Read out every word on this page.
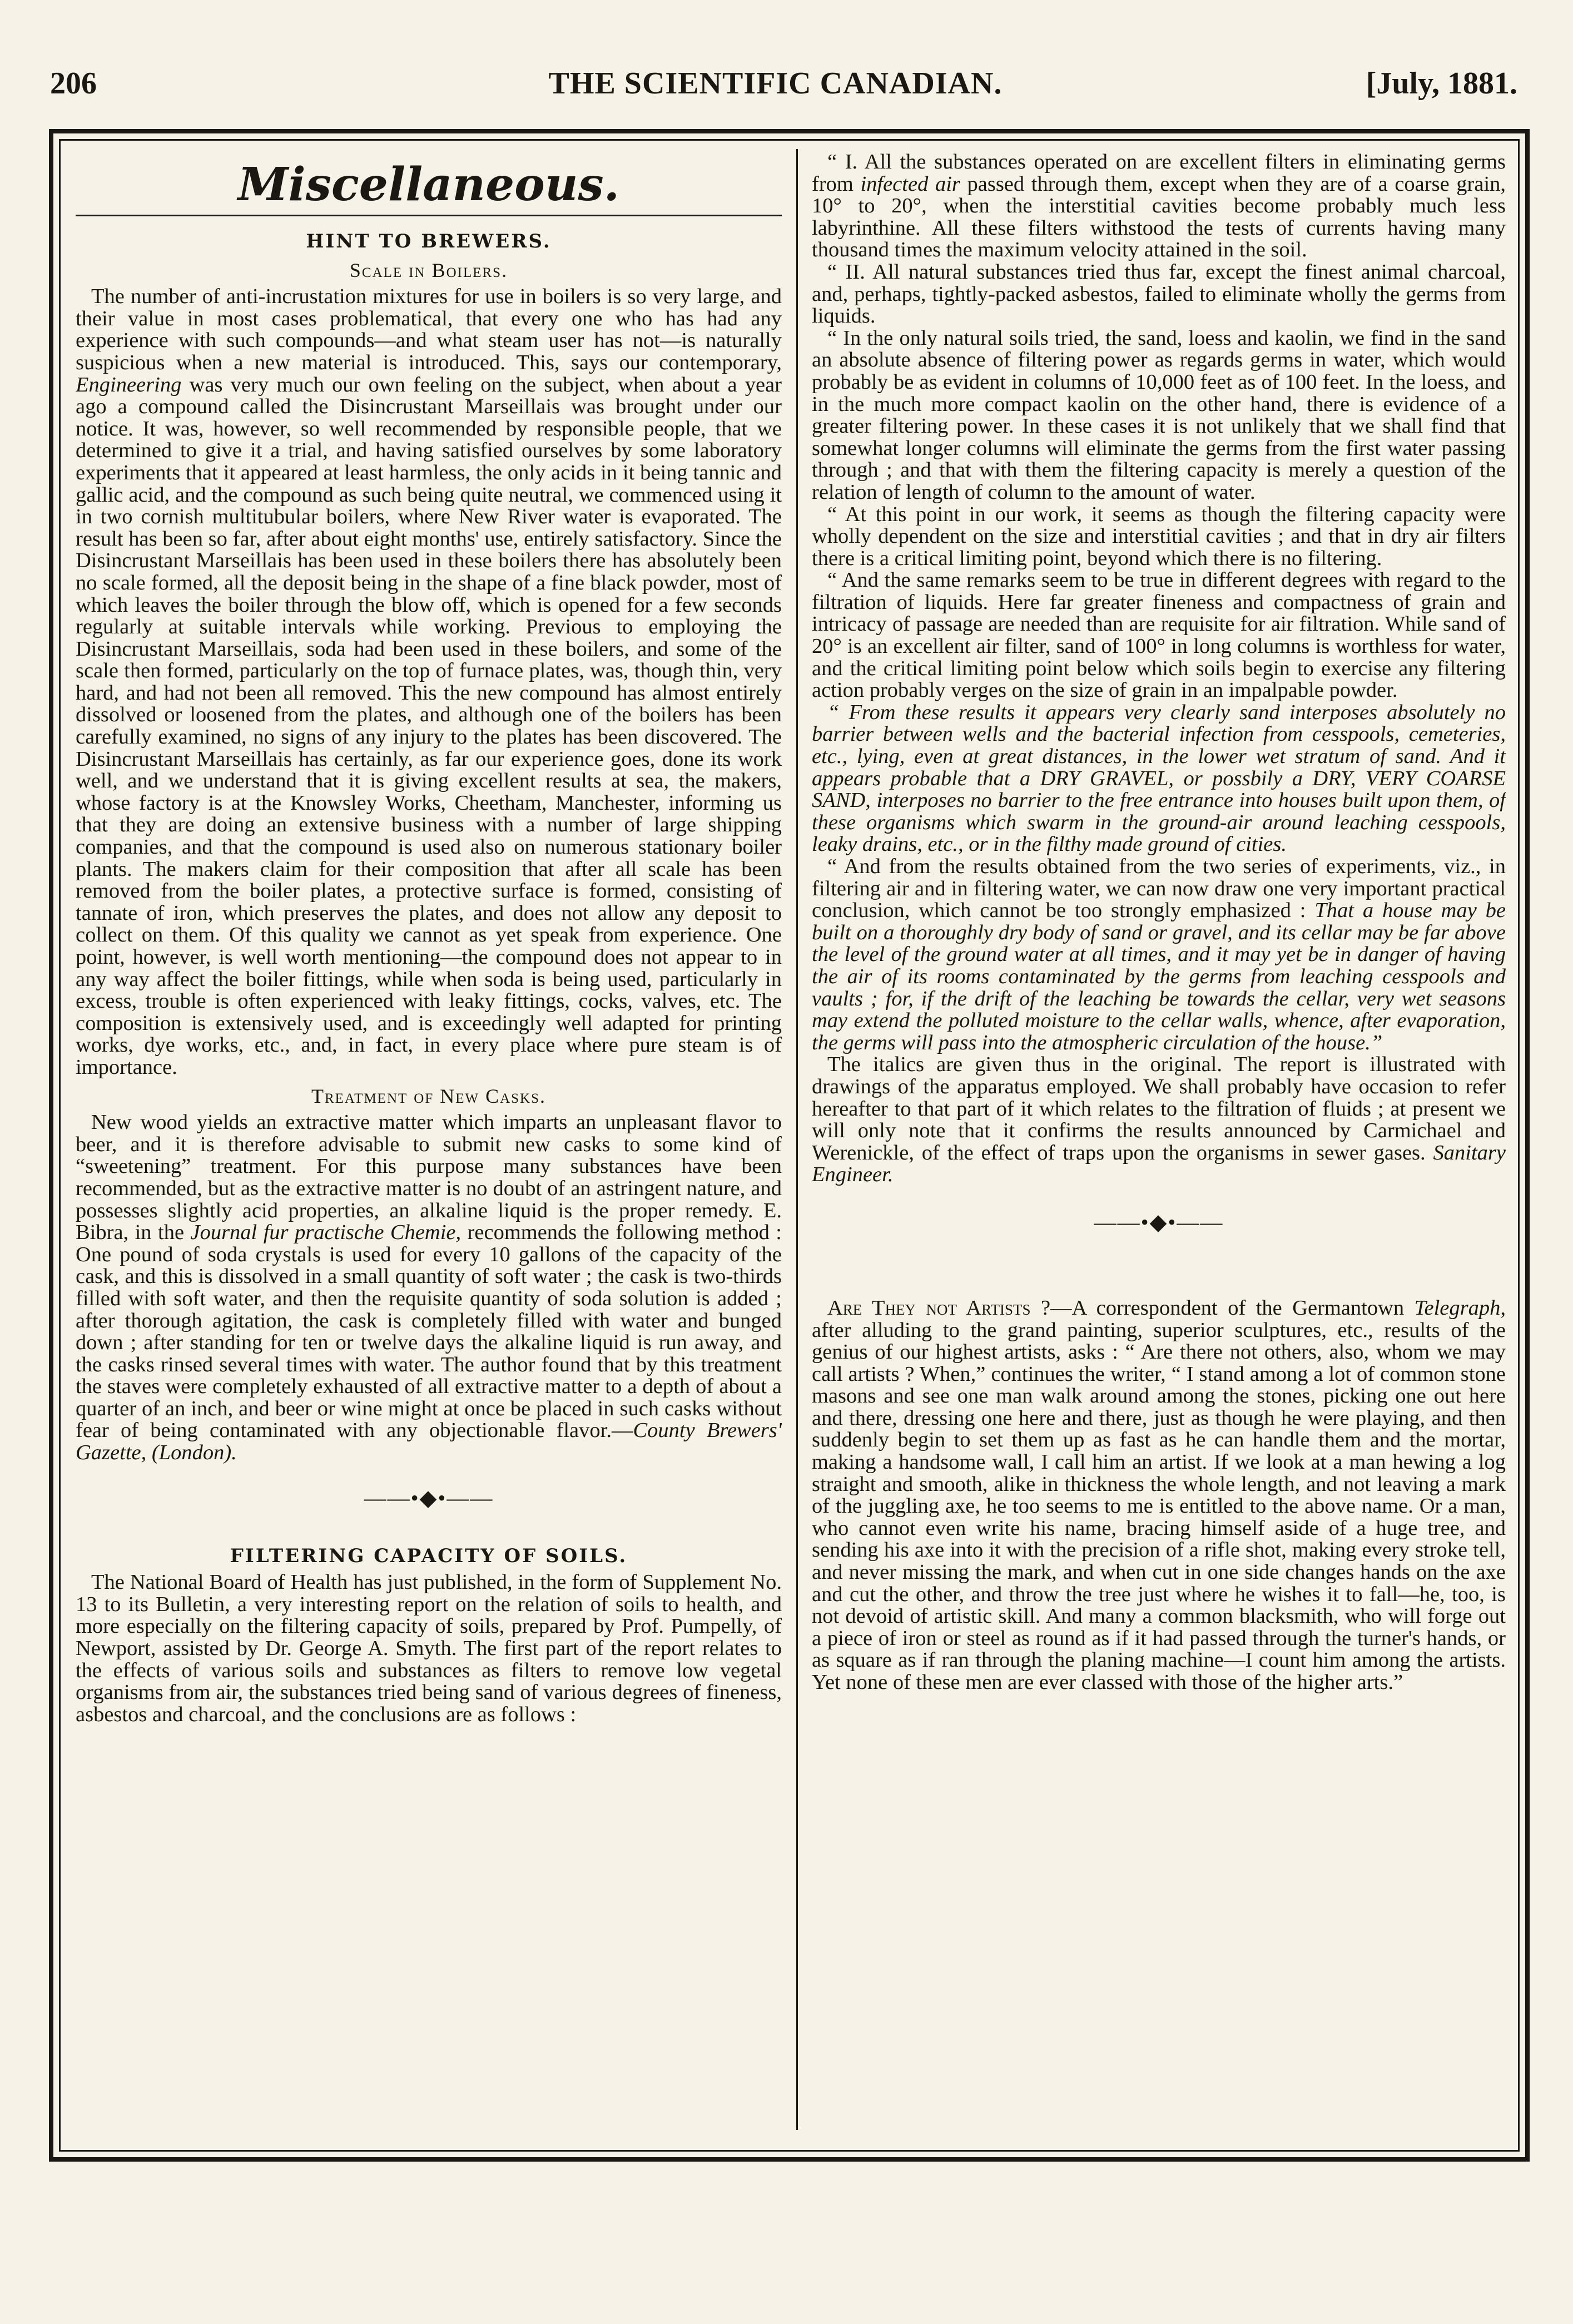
206	THE SCIENTIFIC CANADIAN.	[July, 1881.
Miscellaneous.
HINT TO BREWERS.
Scale in Boilers.

The number of anti-incrustation mixtures for use in boilers is so very large, and their value in most cases problematical, that every one who has had any experience with such compounds—and what steam user has not—is naturally suspicious when a new material is introduced. This, says our contemporary, Engineering was very much our own feeling on the subject, when about a year ago a compound called the Disincrustant Marseillais was brought under our notice. It was, however, so well recommended by responsible people, that we determined to give it a trial, and having satisfied ourselves by some laboratory experiments that it appeared at least harmless, the only acids in it being tannic and gallic acid, and the compound as such being quite neutral, we commenced using it in two cornish multitubular boilers, where New River water is evaporated. The result has been so far, after about eight months' use, entirely satisfactory. Since the Disincrustant Marseillais has been used in these boilers there has absolutely been no scale formed, all the deposit being in the shape of a fine black powder, most of which leaves the boiler through the blow off, which is opened for a few seconds regularly at suitable intervals while working. Previous to employing the Disincrustant Marseillais, soda had been used in these boilers, and some of the scale then formed, particularly on the top of furnace plates, was, though thin, very hard, and had not been all removed. This the new compound has almost entirely dissolved or loosened from the plates, and although one of the boilers has been carefully examined, no signs of any injury to the plates has been discovered. The Disincrustant Marseillais has certainly, as far our experience goes, done its work well, and we understand that it is giving excellent results at sea, the makers, whose factory is at the Knowsley Works, Cheetham, Manchester, informing us that they are doing an extensive business with a number of large shipping companies, and that the compound is used also on numerous stationary boiler plants. The makers claim for their composition that after all scale has been removed from the boiler plates, a protective surface is formed, consisting of tannate of iron, which preserves the plates, and does not allow any deposit to collect on them. Of this quality we cannot as yet speak from experience. One point, however, is well worth mentioning—the compound does not appear to in any way affect the boiler fittings, while when soda is being used, particularly in excess, trouble is often experienced with leaky fittings, cocks, valves, etc. The composition is extensively used, and is exceedingly well adapted for printing works, dye works, etc., and, in fact, in every place where pure steam is of importance.

Treatment of New Casks.

New wood yields an extractive matter which imparts an unpleasant flavor to beer, and it is therefore advisable to submit new casks to some kind of “sweetening” treatment. For this purpose many substances have been recommended, but as the extractive matter is no doubt of an astringent nature, and possesses slightly acid properties, an alkaline liquid is the proper remedy. E. Bibra, in the Journal fur practische Chemie, recommends the following method : One pound of soda crystals is used for every 10 gallons of the capacity of the cask, and this is dissolved in a small quantity of soft water ; the cask is two-thirds filled with soft water, and then the requisite quantity of soda solution is added ; after thorough agitation, the cask is completely filled with water and bunged down ; after standing for ten or twelve days the alkaline liquid is run away, and the casks rinsed several times with water. The author found that by this treatment the staves were completely exhausted of all extractive matter to a depth of about a quarter of an inch, and beer or wine might at once be placed in such casks without fear of being contaminated with any objectionable flavor.—County Brewers' Gazette, (London).

——•◆•——
FILTERING CAPACITY OF SOILS.

The National Board of Health has just published, in the form of Supplement No. 13 to its Bulletin, a very interesting report on the relation of soils to health, and more especially on the filtering capacity of soils, prepared by Prof. Pumpelly, of Newport, assisted by Dr. George A. Smyth. The first part of the report relates to the effects of various soils and substances as filters to remove low vegetal organisms from air, the substances tried being sand of various degrees of fineness, asbestos and charcoal, and the conclusions are as follows :

“ I. All the substances operated on are excellent filters in eliminating germs from infected air passed through them, except when they are of a coarse grain, 10° to 20°, when the interstitial cavities become probably much less labyrinthine. All these filters withstood the tests of currents having many thousand times the maximum velocity attained in the soil.

“ II. All natural substances tried thus far, except the finest animal charcoal, and, perhaps, tightly-packed asbestos, failed to eliminate wholly the germs from liquids.

“ In the only natural soils tried, the sand, loess and kaolin, we find in the sand an absolute absence of filtering power as regards germs in water, which would probably be as evident in columns of 10,000 feet as of 100 feet. In the loess, and in the much more compact kaolin on the other hand, there is evidence of a greater filtering power. In these cases it is not unlikely that we shall find that somewhat longer columns will eliminate the germs from the first water passing through ; and that with them the filtering capacity is merely a question of the relation of length of column to the amount of water.

“ At this point in our work, it seems as though the filtering capacity were wholly dependent on the size and interstitial cavities ; and that in dry air filters there is a critical limiting point, beyond which there is no filtering.

“ And the same remarks seem to be true in different degrees with regard to the filtration of liquids. Here far greater fineness and compactness of grain and intricacy of passage are needed than are requisite for air filtration. While sand of 20° is an excellent air filter, sand of 100° in long columns is worthless for water, and the critical limiting point below which soils begin to exercise any filtering action probably verges on the size of grain in an impalpable powder.

“ From these results it appears very clearly sand interposes absolutely no barrier between wells and the bacterial infection from cesspools, cemeteries, etc., lying, even at great distances, in the lower wet stratum of sand. And it appears probable that a DRY GRAVEL, or possbily a DRY, VERY COARSE SAND, interposes no barrier to the free entrance into houses built upon them, of these organisms which swarm in the ground-air around leaching cesspools, leaky drains, etc., or in the filthy made ground of cities.

“ And from the results obtained from the two series of experiments, viz., in filtering air and in filtering water, we can now draw one very important practical conclusion, which cannot be too strongly emphasized : That a house may be built on a thoroughly dry body of sand or gravel, and its cellar may be far above the level of the ground water at all times, and it may yet be in danger of having the air of its rooms contaminated by the germs from leaching cesspools and vaults ; for, if the drift of the leaching be towards the cellar, very wet seasons may extend the polluted moisture to the cellar walls, whence, after evaporation, the germs will pass into the atmospheric circulation of the house.”

The italics are given thus in the original. The report is illustrated with drawings of the apparatus employed. We shall probably have occasion to refer hereafter to that part of it which relates to the filtration of fluids ; at present we will only note that it confirms the results announced by Carmichael and Werenickle, of the effect of traps upon the organisms in sewer gases. Sanitary Engineer.

——•◆•——

Are They not Artists ?—A correspondent of the Germantown Telegraph, after alluding to the grand painting, superior sculptures, etc., results of the genius of our highest artists, asks : “ Are there not others, also, whom we may call artists ? When,” continues the writer, “ I stand among a lot of common stone masons and see one man walk around among the stones, picking one out here and there, dressing one here and there, just as though he were playing, and then suddenly begin to set them up as fast as he can handle them and the mortar, making a handsome wall, I call him an artist. If we look at a man hewing a log straight and smooth, alike in thickness the whole length, and not leaving a mark of the juggling axe, he too seems to me is entitled to the above name. Or a man, who cannot even write his name, bracing himself aside of a huge tree, and sending his axe into it with the precision of a rifle shot, making every stroke tell, and never missing the mark, and when cut in one side changes hands on the axe and cut the other, and throw the tree just where he wishes it to fall—he, too, is not devoid of artistic skill. And many a common blacksmith, who will forge out a piece of iron or steel as round as if it had passed through the turner's hands, or as square as if ran through the planing machine—I count him among the artists. Yet none of these men are ever classed with those of the higher arts.”
